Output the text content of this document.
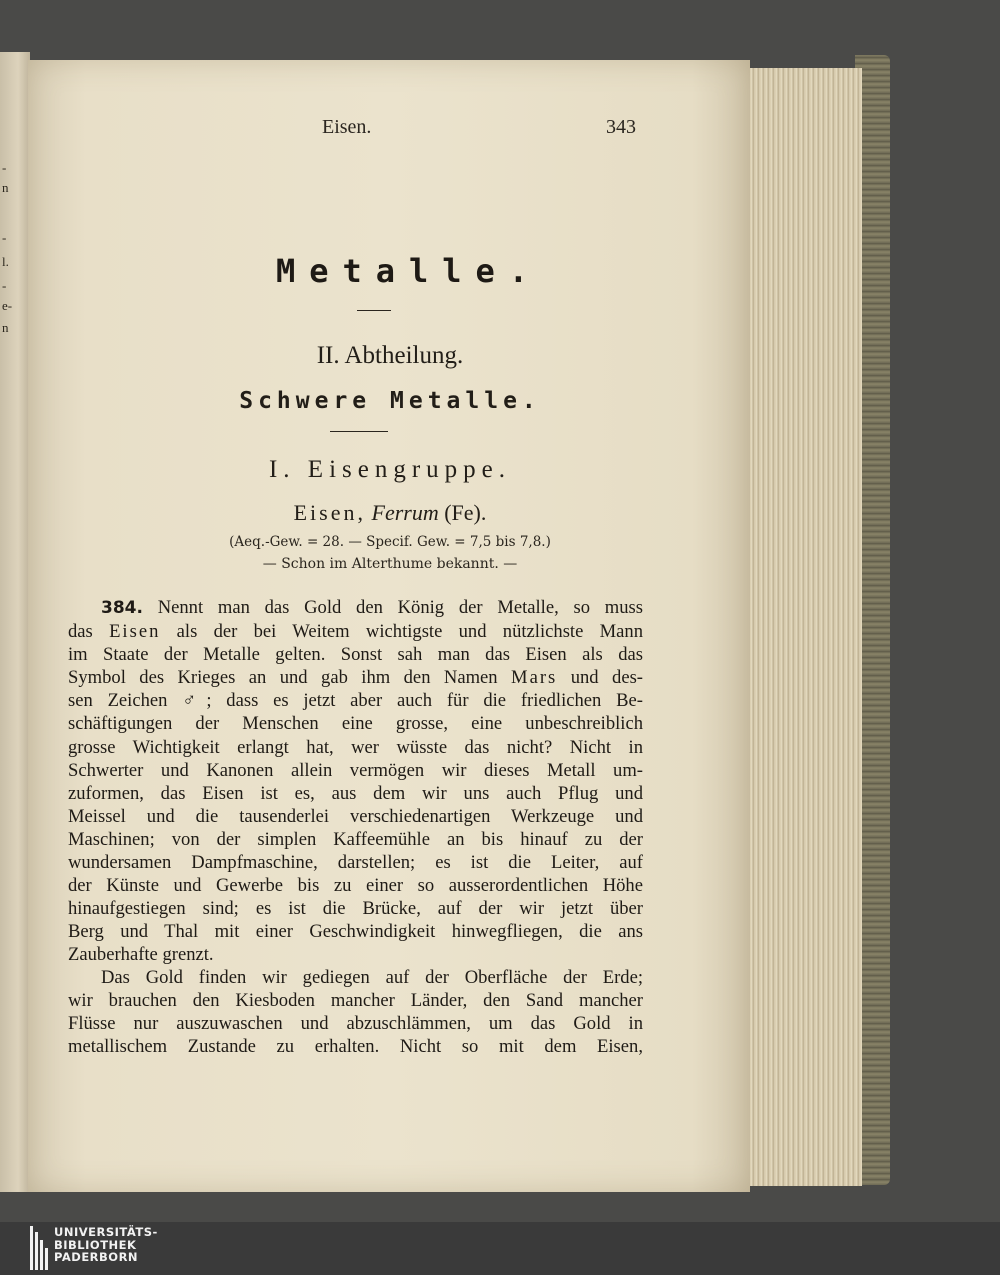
-
n
-
l.
-
e-
n
Eisen.	343
Metalle.
II. Abtheilung.
Schwere Metalle.
I. Eisengruppe.
Eisen, Ferrum (Fe).
(Aeq.-Gew. = 28. — Specif. Gew. = 7,5 bis 7,8.)
— Schon im Alterthume bekannt. —
384. Nennt man das Gold den König der Metalle, so muss
das Eisen als der bei Weitem wichtigste und nützlichste Mann
im Staate der Metalle gelten. Sonst sah man das Eisen als das
Symbol des Krieges an und gab ihm den Namen Mars und des-
sen Zeichen ♂; dass es jetzt aber auch für die friedlichen Be-
schäftigungen der Menschen eine grosse, eine unbeschreiblich
grosse Wichtigkeit erlangt hat, wer wüsste das nicht? Nicht in
Schwerter und Kanonen allein vermögen wir dieses Metall um-
zuformen, das Eisen ist es, aus dem wir uns auch Pflug und
Meissel und die tausenderlei verschiedenartigen Werkzeuge und
Maschinen; von der simplen Kaffeemühle an bis hinauf zu der
wundersamen Dampfmaschine, darstellen; es ist die Leiter, auf
der Künste und Gewerbe bis zu einer so ausserordentlichen Höhe
hinaufgestiegen sind; es ist die Brücke, auf der wir jetzt über
Berg und Thal mit einer Geschwindigkeit hinwegfliegen, die ans
Zauberhafte grenzt.
Das Gold finden wir gediegen auf der Oberfläche der Erde;
wir brauchen den Kiesboden mancher Länder, den Sand mancher
Flüsse nur auszuwaschen und abzuschlämmen, um das Gold in
metallischem Zustande zu erhalten. Nicht so mit dem Eisen,
UNIVERSITÄTS-
BIBLIOTHEK
PADERBORN
